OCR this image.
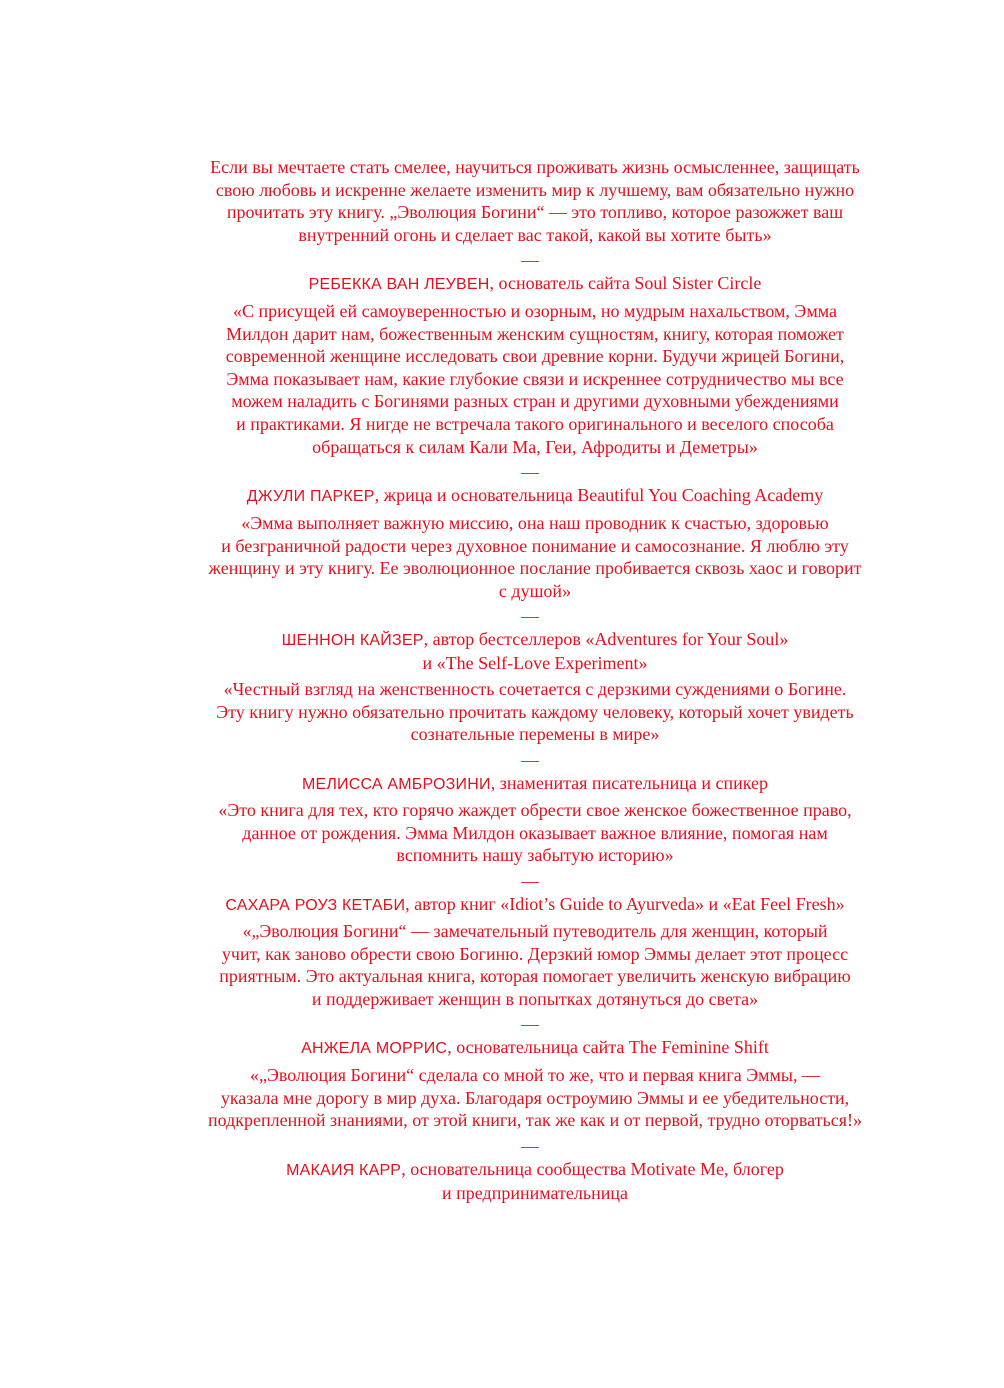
Если вы мечтаете стать смелее, научиться проживать жизнь осмысленнее, защищать
свою любовь и искренне желаете изменить мир к лучшему, вам обязательно нужно
прочитать эту книгу. „Эволюция Богини“ — это топливо, которое разожжет ваш
внутренний огонь и сделает вас такой, какой вы хотите быть»

—
РЕБЕККА ВАН ЛЕУВЕН, основатель сайта Soul Sister Circle

«С присущей ей самоуверенностью и озорным, но мудрым нахальством, Эмма
Милдон дарит нам, божественным женским сущностям, книгу, которая поможет
современной женщине исследовать свои древние корни. Будучи жрицей Богини,
Эмма показывает нам, какие глубокие связи и искреннее сотрудничество мы все
можем наладить с Богинями разных стран и другими духовными убеждениями
и практиками. Я нигде не встречала такого оригинального и веселого способа
обращаться к силам Кали Ма, Геи, Афродиты и Деметры»

—
ДЖУЛИ ПАРКЕР, жрица и основательница Beautiful You Coaching Academy

«Эмма выполняет важную миссию, она наш проводник к счастью, здоровью
и безграничной радости через духовное понимание и самосознание. Я люблю эту
женщину и эту книгу. Ее эволюционное послание пробивается сквозь хаос и говорит
с душой»

—
ШЕННОН КАЙЗЕР, автор бестселлеров «Adventures for Your Soul»
и «The Self-Love Experiment»

«Честный взгляд на женственность сочетается с дерзкими суждениями о Богине.
Эту книгу нужно обязательно прочитать каждому человеку, который хочет увидеть
сознательные перемены в мире»

—
МЕЛИССА АМБРОЗИНИ, знаменитая писательница и спикер

«Это книга для тех, кто горячо жаждет обрести свое женское божественное право,
данное от рождения. Эмма Милдон оказывает важное влияние, помогая нам
вспомнить нашу забытую историю»

—
САХАРА РОУЗ КЕТАБИ, автор книг «Idiot’s Guide to Ayurveda» и «Eat Feel Fresh»

«„Эволюция Богини“ — замечательный путеводитель для женщин, который
учит, как заново обрести свою Богиню. Дерзкий юмор Эммы делает этот процесс
приятным. Это актуальная книга, которая помогает увеличить женскую вибрацию
и поддерживает женщин в попытках дотянуться до света»

—
АНЖЕЛА МОРРИС, основательница сайта The Feminine Shift

«„Эволюция Богини“ сделала со мной то же, что и первая книга Эммы, —
указала мне дорогу в мир духа. Благодаря остроумию Эммы и ее убедительности,
подкрепленной знаниями, от этой книги, так же как и от первой, трудно оторваться!»

—
МАКАИЯ КАРР, основательница сообщества Motivate Me, блогер
и предпринимательница
